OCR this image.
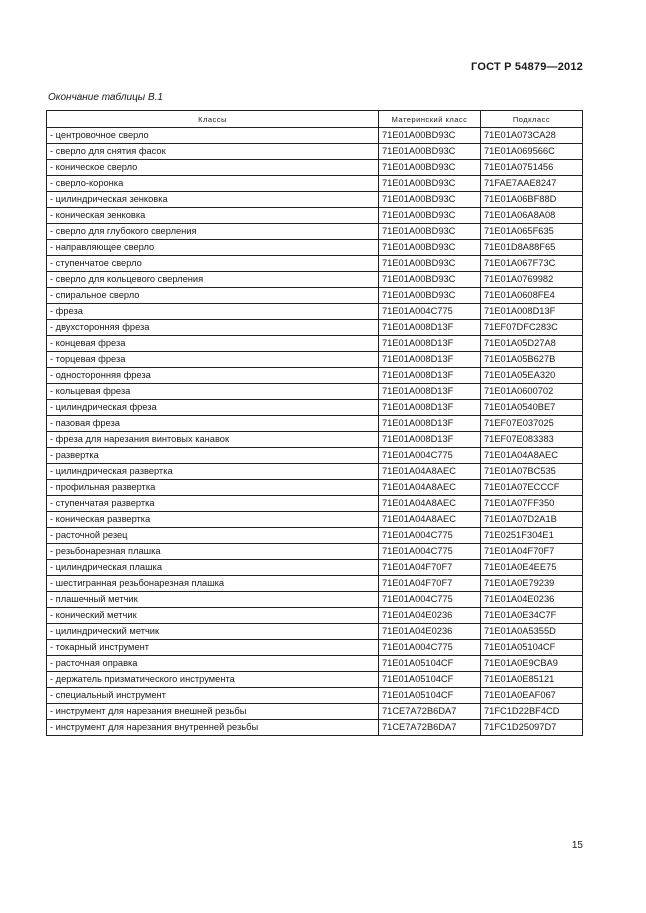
ГОСТ Р 54879—2012
Окончание таблицы В.1
Классы	Материнский класс	Подкласс
- центровочное сверло	71E01A00BD93C	71E01A073CA28
- сверло для снятия фасок	71E01A00BD93C	71E01A069566C
- коническое сверло	71E01A00BD93C	71E01A0751456
- сверло-коронка	71E01A00BD93C	71FAE7AAE8247
- цилиндрическая зенковка	71E01A00BD93C	71E01A06BF88D
- коническая зенковка	71E01A00BD93C	71E01A06A8A08
- сверло для глубокого сверления	71E01A00BD93C	71E01A065F635
- направляющее сверло	71E01A00BD93C	71E01D8A88F65
- ступенчатое сверло	71E01A00BD93C	71E01A067F73C
- сверло для кольцевого сверления	71E01A00BD93C	71E01A0769982
- спиральное сверло	71E01A00BD93C	71E01A0608FE4
- фреза	71E01A004C775	71E01A008D13F
- двухсторонняя фреза	71E01A008D13F	71EF07DFC283C
- концевая фреза	71E01A008D13F	71E01A05D27A8
- торцевая фреза	71E01A008D13F	71E01A05B627B
- односторонняя фреза	71E01A008D13F	71E01A05EA320
- кольцевая фреза	71E01A008D13F	71E01A0600702
- цилиндрическая фреза	71E01A008D13F	71E01A0540BE7
- пазовая фреза	71E01A008D13F	71EF07E037025
- фреза для нарезания винтовых канавок	71E01A008D13F	71EF07E083383
- развертка	71E01A004C775	71E01A04A8AEC
- цилиндрическая развертка	71E01A04A8AEC	71E01A07BC535
- профильная развертка	71E01A04A8AEC	71E01A07ECCCF
- ступенчатая развертка	71E01A04A8AEC	71E01A07FF350
- коническая развертка	71E01A04A8AEC	71E01A07D2A1B
- расточной резец	71E01A004C775	71E0251F304E1
- резьбонарезная плашка	71E01A004C775	71E01A04F70F7
- цилиндрическая плашка	71E01A04F70F7	71E01A0E4EE75
- шестигранная резьбонарезная плашка	71E01A04F70F7	71E01A0E79239
- плашечный метчик	71E01A004C775	71E01A04E0236
- конический метчик	71E01A04E0236	71E01A0E34C7F
- цилиндрический метчик	71E01A04E0236	71E01A0A5355D
- токарный инструмент	71E01A004C775	71E01A05104CF
- расточная оправка	71E01A05104CF	71E01A0E9CBA9
- держатель призматического инструмента	71E01A05104CF	71E01A0E85121
- специальный инструмент	71E01A05104CF	71E01A0EAF067
- инструмент для нарезания внешней резьбы	71CE7A72B6DA7	71FC1D22BF4CD
- инструмент для нарезания внутренней резьбы	71CE7A72B6DA7	71FC1D25097D7
15
